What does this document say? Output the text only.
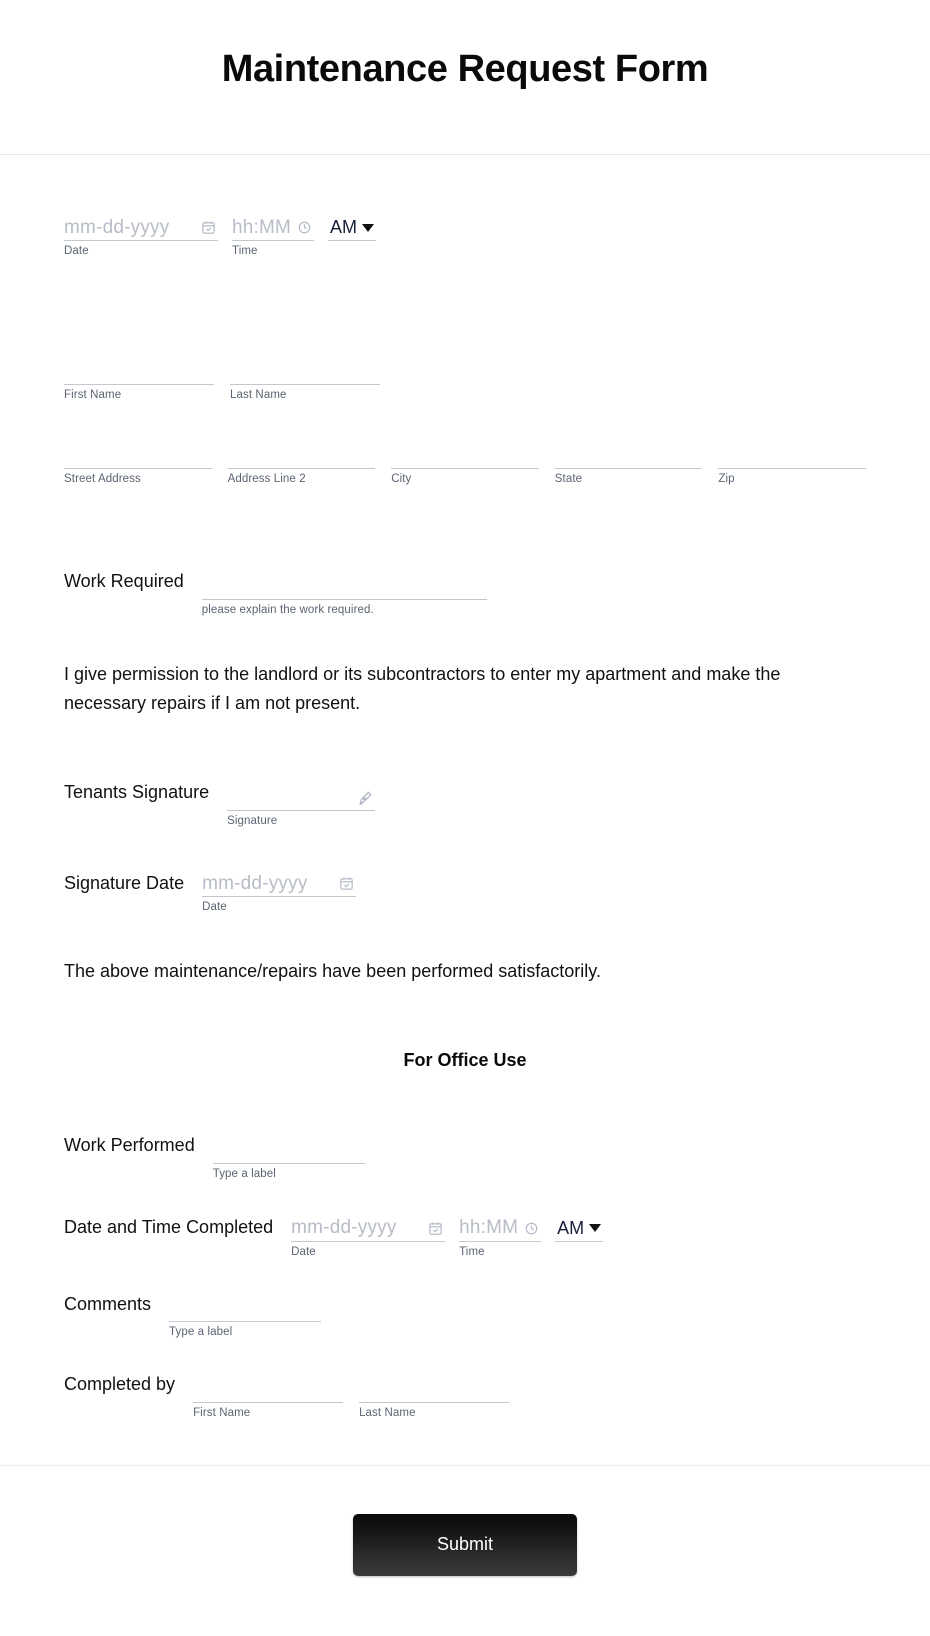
Maintenance Request Form
mm-dd-yyyy
Date
hh:MM
Time
AM
First Name	Last Name
Street Address	Address Line 2	City	State	Zip
Work Required
please explain the work required.

I give permission to the landlord or its subcontractors to enter my apartment and make the necessary repairs if I am not present.

Tenants Signature
Signature
Signature Date mm-dd-yyyy
Date

The above maintenance/repairs have been performed satisfactorily.

For Office Use
Work Performed
Type a label
Date and Time Completed mm-dd-yyyy
Date
hh:MM
Time
AM
Comments
Type a label
Completed by
First Name	Last Name
Submit
